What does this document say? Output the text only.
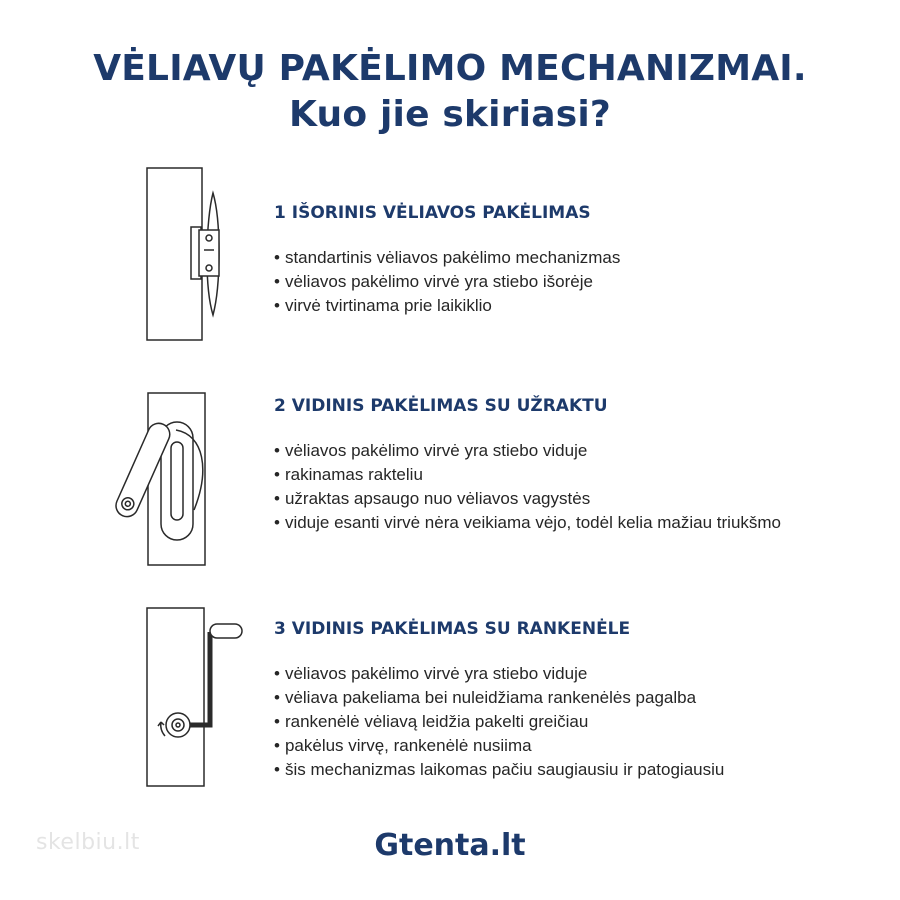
VĖLIAVŲ PAKĖLIMO MECHANIZMAI.
Kuo jie skiriasi?
1 IŠORINIS VĖLIAVOS PAKĖLIMAS
• standartinis vėliavos pakėlimo mechanizmas
• vėliavos pakėlimo virvė yra stiebo išorėje
• virvė tvirtinama prie laikiklio
2 VIDINIS PAKĖLIMAS SU UŽRAKTU
• vėliavos pakėlimo virvė yra stiebo viduje
• rakinamas rakteliu
• užraktas apsaugo nuo vėliavos vagystės
• viduje esanti virvė nėra veikiama vėjo, todėl kelia mažiau triukšmo
3 VIDINIS PAKĖLIMAS SU RANKENĖLE
• vėliavos pakėlimo virvė yra stiebo viduje
• vėliava pakeliama bei nuleidžiama rankenėlės pagalba
• rankenėlė vėliavą leidžia pakelti greičiau
• pakėlus virvę, rankenėlė nusiima
• šis mechanizmas laikomas pačiu saugiausiu ir patogiausiu
skelbiu.lt	Gtenta.lt
